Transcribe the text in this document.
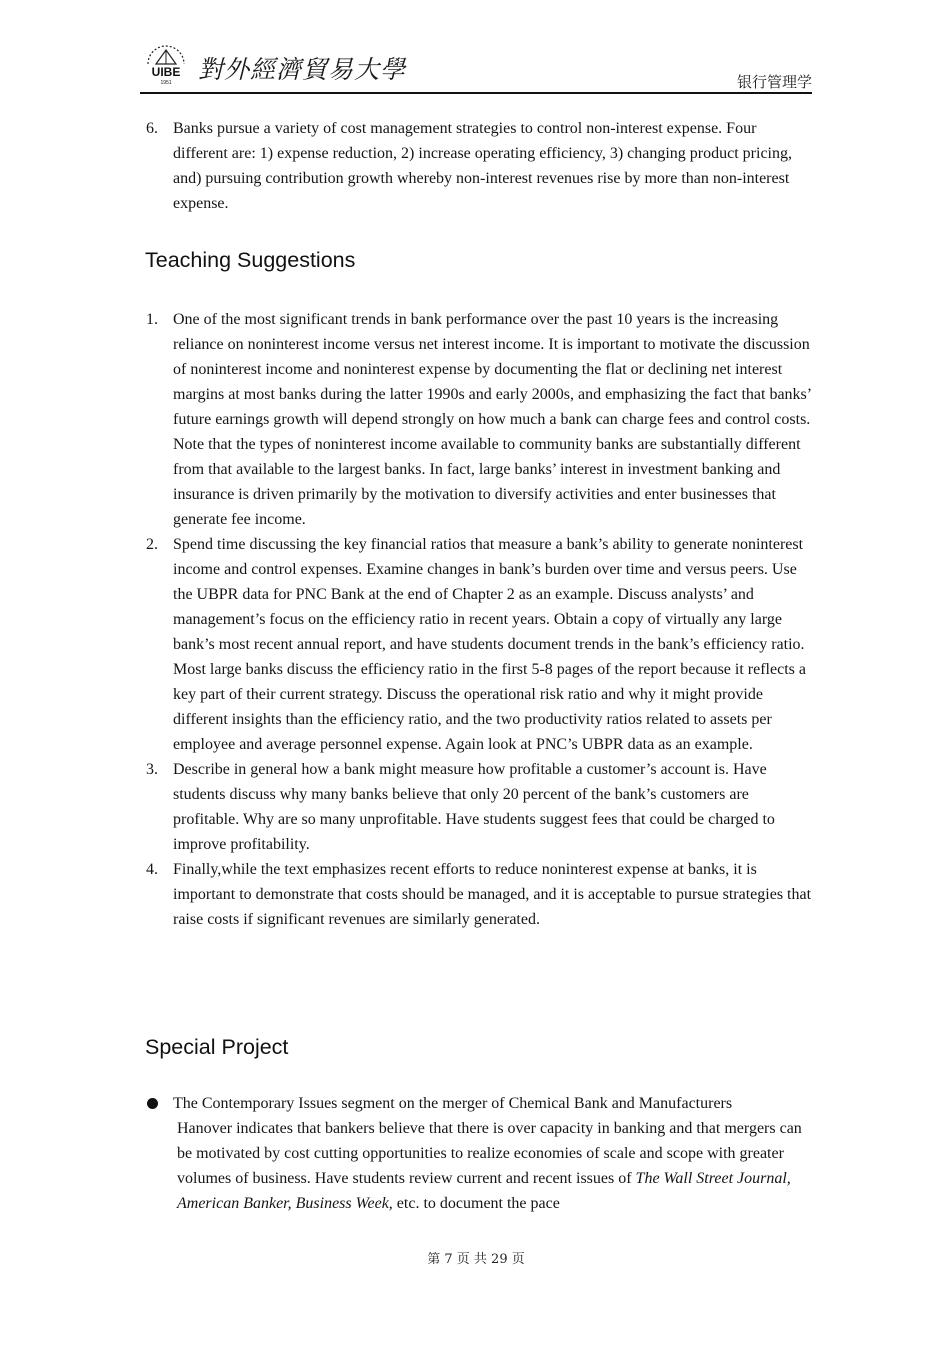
UIBE
1951 對外經濟貿易大學	银行管理学
6. Banks pursue a variety of cost management strategies to control non-interest expense. Four different are: 1) expense reduction, 2) increase operating efficiency, 3) changing product pricing, and) pursuing contribution growth whereby non-interest revenues rise by more than non-interest expense.
Teaching Suggestions
1. One of the most significant trends in bank performance over the past 10 years is the increasing reliance on noninterest income versus net interest income. It is important to motivate the discussion of noninterest income and noninterest expense by documenting the flat or declining net interest margins at most banks during the latter 1990s and early 2000s, and emphasizing the fact that banks’ future earnings growth will depend strongly on how much a bank can charge fees and control costs. Note that the types of noninterest income available to community banks are substantially different from that available to the largest banks. In fact, large banks’ interest in investment banking and insurance is driven primarily by the motivation to diversify activities and enter businesses that generate fee income.
2. Spend time discussing the key financial ratios that measure a bank’s ability to generate noninterest income and control expenses. Examine changes in bank’s burden over time and versus peers. Use the UBPR data for PNC Bank at the end of Chapter 2 as an example. Discuss analysts’ and management’s focus on the efficiency ratio in recent years. Obtain a copy of virtually any large bank’s most recent annual report, and have students document trends in the bank’s efficiency ratio. Most large banks discuss the efficiency ratio in the first 5-8 pages of the report because it reflects a key part of their current strategy. Discuss the operational risk ratio and why it might provide different insights than the efficiency ratio, and the two productivity ratios related to assets per employee and average personnel expense. Again look at PNC’s UBPR data as an example.
3. Describe in general how a bank might measure how profitable a customer’s account is. Have students discuss why many banks believe that only 20 percent of the bank’s customers are profitable. Why are so many unprofitable. Have students suggest fees that could be charged to improve profitability.
4. Finally,while the text emphasizes recent efforts to reduce noninterest expense at banks, it is important to demonstrate that costs should be managed, and it is acceptable to pursue strategies that raise costs if significant revenues are similarly generated.
Special Project
The Contemporary Issues segment on the merger of Chemical Bank and Manufacturers
Hanover indicates that bankers believe that there is over capacity in banking and that mergers can be motivated by cost cutting opportunities to realize economies of scale and scope with greater volumes of business. Have students review current and recent issues of The Wall Street Journal, American Banker, Business Week, etc. to document the pace
第 7 页 共 29 页
